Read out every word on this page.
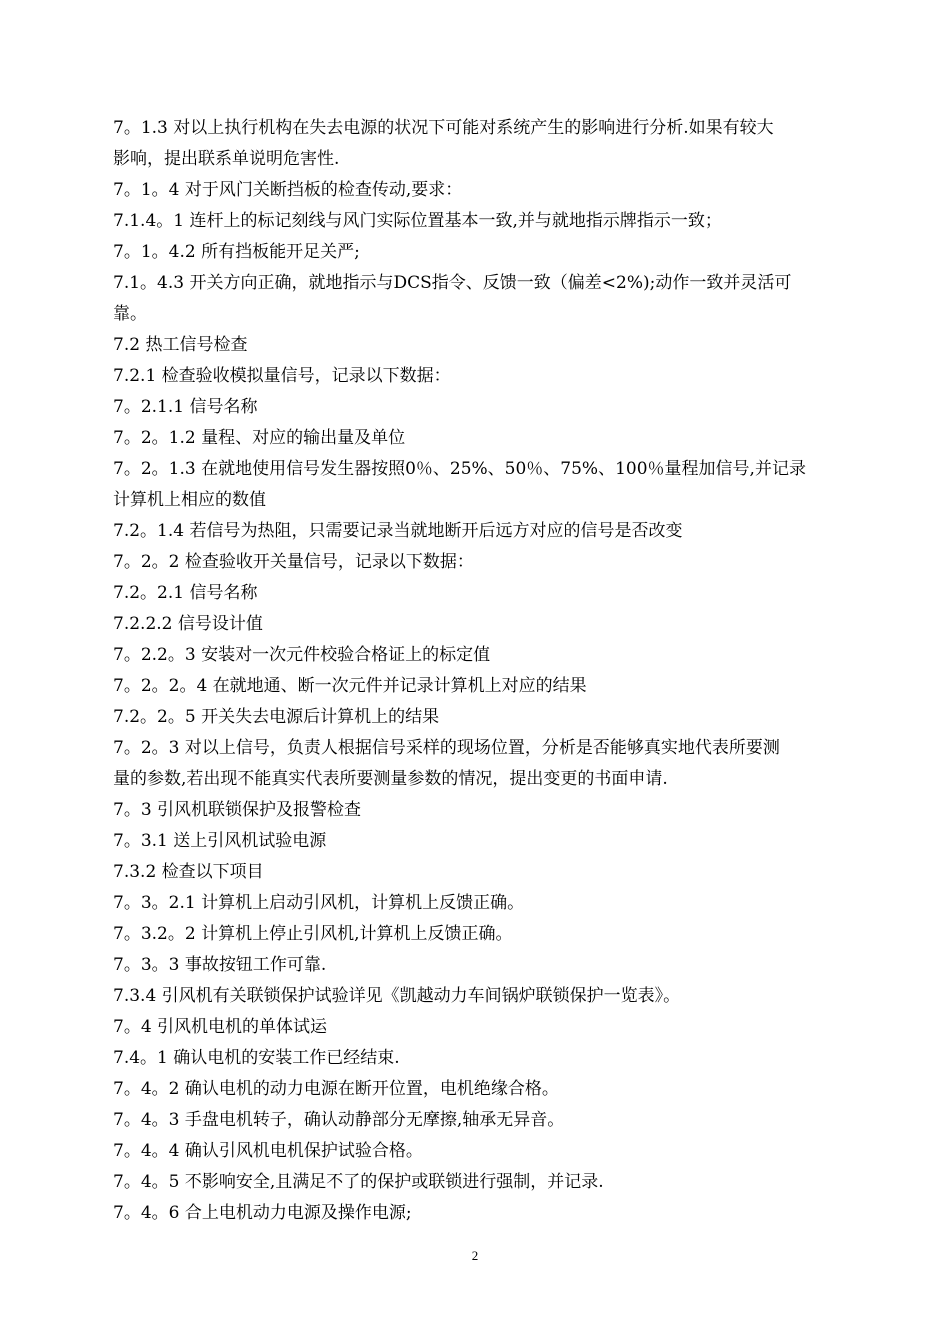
7。1.3 对以上执行机构在失去电源的状况下可能对系统产生的影响进行分析.如果有较大
影响，提出联系单说明危害性.
7。1。4 对于风门关断挡板的检查传动,要求：
7.1.4。1 连杆上的标记刻线与风门实际位置基本一致,并与就地指示牌指示一致；
7。1。4.2 所有挡板能开足关严;
7.1。4.3 开关方向正确，就地指示与DCS指令、反馈一致（偏差<2%);动作一致并灵活可
靠。
7.2 热工信号检查
7.2.1 检查验收模拟量信号，记录以下数据：
7。2.1.1 信号名称
7。2。1.2 量程、对应的输出量及单位
7。2。1.3 在就地使用信号发生器按照0％、25%、50％、75%、100％量程加信号,并记录
计算机上相应的数值
7.2。1.4 若信号为热阻，只需要记录当就地断开后远方对应的信号是否改变
7。2。2 检查验收开关量信号，记录以下数据：
7.2。2.1 信号名称
7.2.2.2 信号设计值
7。2.2。3 安装对一次元件校验合格证上的标定值
7。2。2。4 在就地通、断一次元件并记录计算机上对应的结果
7.2。2。5 开关失去电源后计算机上的结果
7。2。3 对以上信号，负责人根据信号采样的现场位置，分析是否能够真实地代表所要测
量的参数,若出现不能真实代表所要测量参数的情况，提出变更的书面申请.
7。3 引风机联锁保护及报警检查
7。3.1 送上引风机试验电源
7.3.2 检查以下项目
7。3。2.1 计算机上启动引风机，计算机上反馈正确。
7。3.2。2 计算机上停止引风机,计算机上反馈正确。
7。3。3 事故按钮工作可靠.
7.3.4 引风机有关联锁保护试验详见《凯越动力车间锅炉联锁保护一览表》。
7。4 引风机电机的单体试运
7.4。1 确认电机的安装工作已经结束.
7。4。2 确认电机的动力电源在断开位置，电机绝缘合格。
7。4。3 手盘电机转子，确认动静部分无摩擦,轴承无异音。
7。4。4 确认引风机电机保护试验合格。
7。4。5 不影响安全,且满足不了的保护或联锁进行强制，并记录.
7。4。6 合上电机动力电源及操作电源;
2
